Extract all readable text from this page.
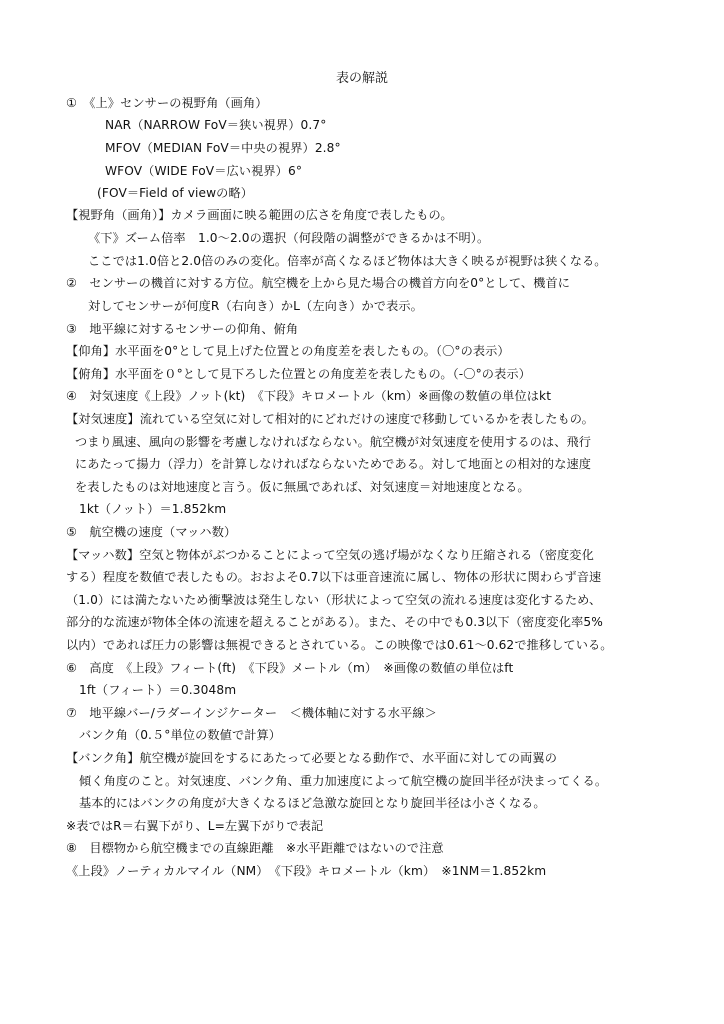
表の解説
①　《上》センサーの視野角（画角）
NAR（NARROW FoV＝狭い視界）0.7°
MFOV（MEDIAN FoV＝中央の視界）2.8°
WFOV（WIDE FoV＝広い視界）6°
(FOV＝Field of viewの略）
【視野角（画角）】カメラ画面に映る範囲の広さを角度で表したもの。
《下》ズーム倍率　1.0～2.0の選択（何段階の調整ができるかは不明）。
ここでは1.0倍と2.0倍のみの変化。倍率が高くなるほど物体は大きく映るが視野は狭くなる。
②　センサーの機首に対する方位。航空機を上から見た場合の機首方向を0°として、機首に
対してセンサーが何度R（右向き）かL（左向き）かで表示。
③　地平線に対するセンサーの仰角、俯角
【仰角】水平面を0°として見上げた位置との角度差を表したもの。（〇°の表示）
【俯角】水平面を０°として見下ろした位置との角度差を表したもの。（-〇°の表示）
④　対気速度《上段》ノット(kt)　《下段》キロメートル（km）※画像の数値の単位はkt
【対気速度】流れている空気に対して相対的にどれだけの速度で移動しているかを表したもの。
つまり風速、風向の影響を考慮しなければならない。航空機が対気速度を使用するのは、飛行
にあたって揚力（浮力）を計算しなければならないためである。対して地面との相対的な速度
を表したものは対地速度と言う。仮に無風であれば、対気速度＝対地速度となる。
1kt（ノット）＝1.852km
⑤　航空機の速度（マッハ数）
【マッハ数】空気と物体がぶつかることによって空気の逃げ場がなくなり圧縮される（密度変化
する）程度を数値で表したもの。おおよそ0.7以下は亜音速流に属し、物体の形状に関わらず音速
（1.0）には満たないため衝撃波は発生しない（形状によって空気の流れる速度は変化するため、
部分的な流速が物体全体の流速を超えることがある）。また、その中でも0.3以下（密度変化率5%
以内）であれば圧力の影響は無視できるとされている。この映像では0.61～0.62で推移している。
⑥　高度　《上段》フィート(ft)　《下段》メートル（m）　※画像の数値の単位はft
1ft（フィート）＝0.3048m
⑦　地平線バー/ラダーインジケーター　＜機体軸に対する水平線＞
バンク角（0.５°単位の数値で計算）
【バンク角】航空機が旋回をするにあたって必要となる動作で、水平面に対しての両翼の
傾く角度のこと。対気速度、バンク角、重力加速度によって航空機の旋回半径が決まってくる。
基本的にはバンクの角度が大きくなるほど急激な旋回となり旋回半径は小さくなる。
※表ではR＝右翼下がり、L=左翼下がりで表記
⑧　目標物から航空機までの直線距離　※水平距離ではないので注意
《上段》ノーティカルマイル（NM）　《下段》キロメートル（km）　※1NM＝1.852km
